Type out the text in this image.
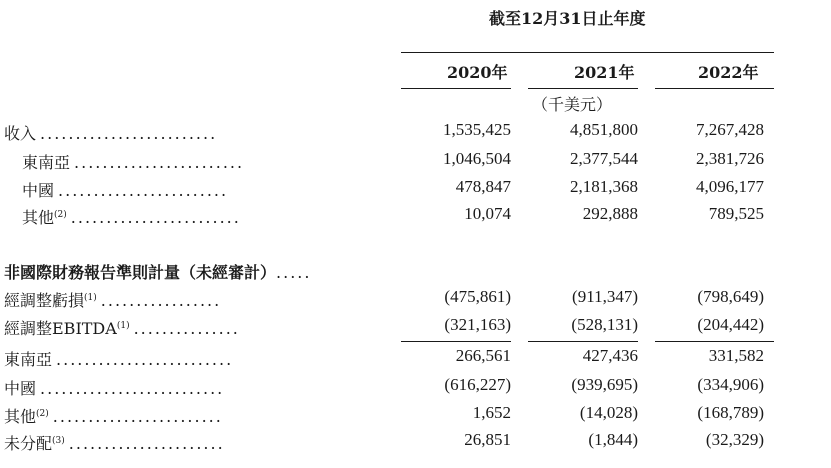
截至12月31日止年度
2020年	2021年	2022年
（千美元）
收入 .........................	1,535,425	4,851,800	7,267,428
東南亞 ........................	1,046,504	2,377,544	2,381,726
中國 ........................	478,847	2,181,368	4,096,177
其他$^{(2)}$ ........................	10,074	292,888	789,525
非國際財務報告準則計量（未經審計）.....
經調整虧損$^{(1)}$ .................	(475,861)	(911,347)	(798,649)
經調整EBITDA$^{(1)}$ ...............	(321,163)	(528,131)	(204,442)
東南亞 .........................	266,561	427,436	331,582
中國 ..........................	(616,227)	(939,695)	(334,906)
其他$^{(2)}$ ........................	1,652	(14,028)	(168,789)
未分配$^{(3)}$ ......................	26,851	(1,844)	(32,329)
